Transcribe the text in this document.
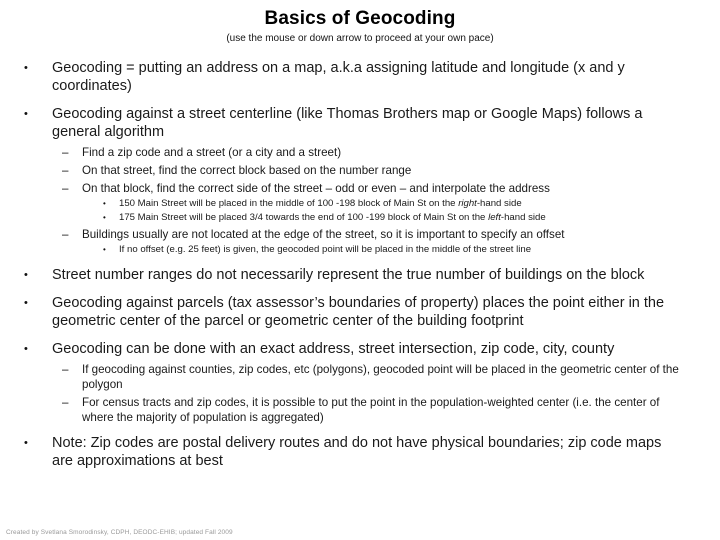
Basics of Geocoding

(use the mouse or down arrow to proceed at your own pace)

•	Geocoding = putting an address on a map, a.k.a assigning latitude and longitude (x and y coordinates)
•	Geocoding against a street centerline (like Thomas Brothers map or Google Maps) follows a general algorithm
–	Find a zip code and a street (or a city and a street)
–	On that street, find the correct block based on the number range
–	On that block, find the correct side of the street – odd or even – and interpolate the address
•	150 Main Street will be placed in the middle of 100 -198 block of Main St on the right-hand side
•	175 Main Street will be placed 3/4 towards the end of 100 -199 block of Main St on the left-hand side
–	Buildings usually are not located at the edge of the street, so it is important to specify an offset
•	If no offset (e.g. 25 feet) is given, the geocoded point will be placed in the middle of the street line
•	Street number ranges do not necessarily represent the true number of buildings on the block
•	Geocoding against parcels (tax assessor’s boundaries of property) places the point either in the geometric center of the parcel or geometric center of the building footprint
•	Geocoding can be done with an exact address, street intersection, zip code, city, county
–	If geocoding against counties, zip codes, etc (polygons), geocoded point will be placed in the geometric center of the polygon
–	For census tracts and zip codes, it is possible to put the point in the population-weighted center (i.e. the center of where the majority of population is aggregated)
•	Note: Zip codes are postal delivery routes and do not have physical boundaries; zip code maps are approximations at best
Created by Svetlana Smorodinsky, CDPH, DEODC-EHIB; updated Fall 2009
